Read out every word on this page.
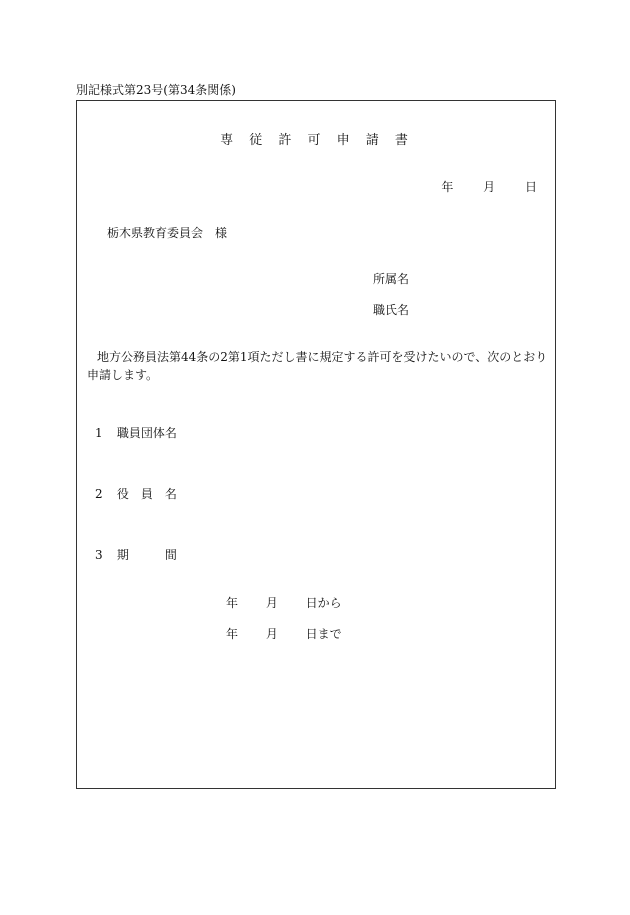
別記様式第23号(第34条関係)
専 従 許 可 申 請 書
年 月 日
栃木県教育委員会　様
所属名
職氏名
地方公務員法第44条の2第1項ただし書に規定する許可を受けたいので、次のとおり申請します。
1 職員団体名
2 役　員　名
3 期　　　間
年 月 日から
年 月 日まで
